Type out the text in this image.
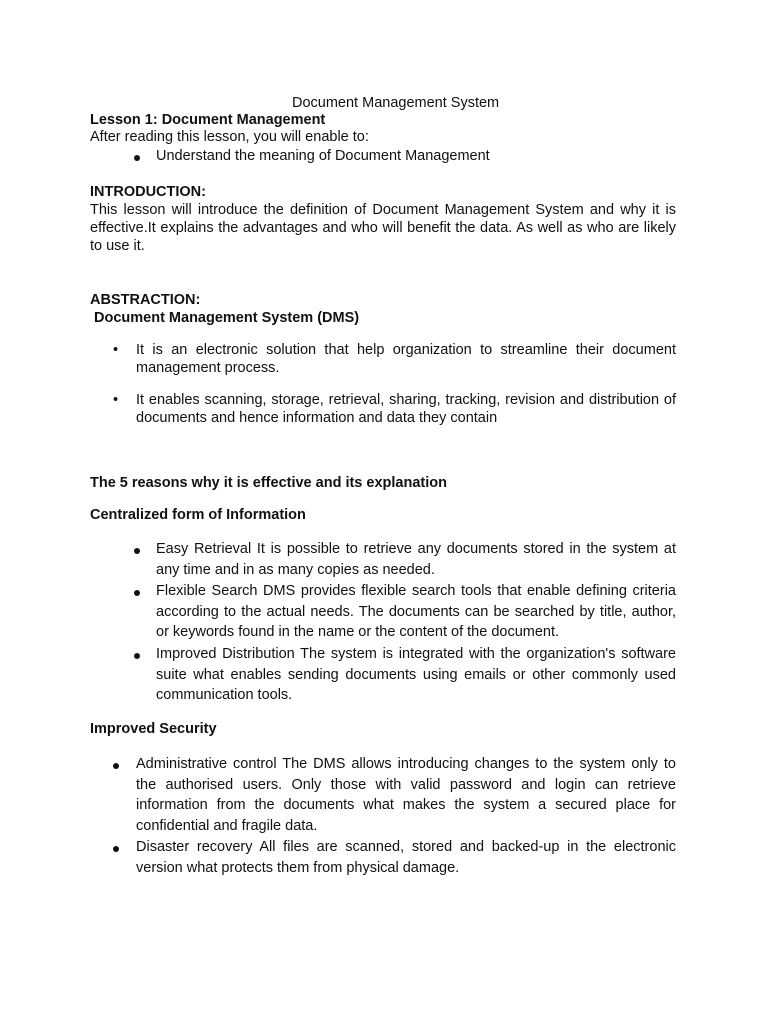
Document Management System
Lesson 1: Document Management
After reading this lesson, you will enable to:
Understand the meaning of Document Management
INTRODUCTION:

This lesson will introduce the definition of Document Management System and why it is effective.It explains the advantages and who will benefit the data. As well as who are likely to use it.

ABSTRACTION:
Document Management System (DMS)
• It is an electronic solution that help organization to streamline their document management process.

• It enables scanning, storage, retrieval, sharing, tracking, revision and distribution of documents and hence information and data they contain

The 5 reasons why it is effective and its explanation
Centralized form of Information

Easy Retrieval It is possible to retrieve any documents stored in the system at any time and in as many copies as needed.

Flexible Search DMS provides flexible search tools that enable defining criteria according to the actual needs. The documents can be searched by title, author, or keywords found in the name or the content of the document.

Improved Distribution The system is integrated with the organization's software suite what enables sending documents using emails or other commonly used communication tools.

Improved Security

Administrative control The DMS allows introducing changes to the system only to the authorised users. Only those with valid password and login can retrieve information from the documents what makes the system a secured place for confidential and fragile data.

Disaster recovery All files are scanned, stored and backed-up in the electronic version what protects them from physical damage.
